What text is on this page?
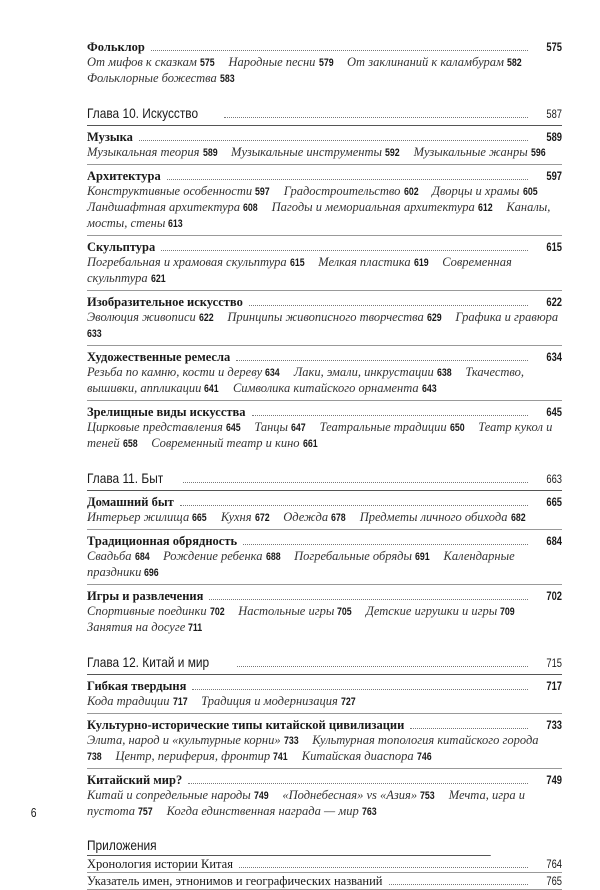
Фольклор	575
От мифов к сказкам 575 Народные песни 579 От заклинаний к каламбурам 582 Фольклорные божества 583
Глава 10. Искусство	587
Музыка	589
Музыкальная теория 589 Музыкальные инструменты 592 Музыкальные жанры 596
Архитектура	597
Конструктивные особенности 597 Градостроительство 602 Дворцы и храмы 605 Ландшафтная архитектура 608 Пагоды и мемориальная архитектура 612 Каналы, мосты, стены 613
Скульптура	615
Погребальная и храмовая скульптура 615 Мелкая пластика 619 Современная скульптура 621
Изобразительное искусство	622
Эволюция живописи 622 Принципы живописного творчества 629 Графика и гравюра 633
Художественные ремесла	634
Резьба по камню, кости и дереву 634 Лаки, эмали, инкрустации 638 Ткачество, вышивки, аппликации 641 Символика китайского орнамента 643
Зрелищные виды искусства	645
Цирковые представления 645 Танцы 647 Театральные традиции 650 Театр кукол и теней 658 Современный театр и кино 661
Глава 11. Быт	663
Домашний быт	665
Интерьер жилища 665 Кухня 672 Одежда 678 Предметы личного обихода 682
Традиционная обрядность	684
Свадьба 684 Рождение ребенка 688 Погребальные обряды 691 Календарные праздники 696
Игры и развлечения	702
Спортивные поединки 702 Настольные игры 705 Детские игрушки и игры 709 Занятия на досуге 711
Глава 12. Китай и мир	715
Гибкая твердыня	717
Кода традиции 717 Традиция и модернизация 727
Культурно-исторические типы китайской цивилизации	733
Элита, народ и «культурные корни» 733 Культурная топология китайского города 738 Центр, периферия, фронтир 741 Китайская диаспора 746
Китайский мир?	749
Китай и сопредельные народы 749 «Поднебесная» vs «Азия» 753 Мечта, игра и пустота 757 Когда единственная награда — мир 763
Приложения
Хронология истории Китая	764
Указатель имен, этнонимов и географических названий	765
6
